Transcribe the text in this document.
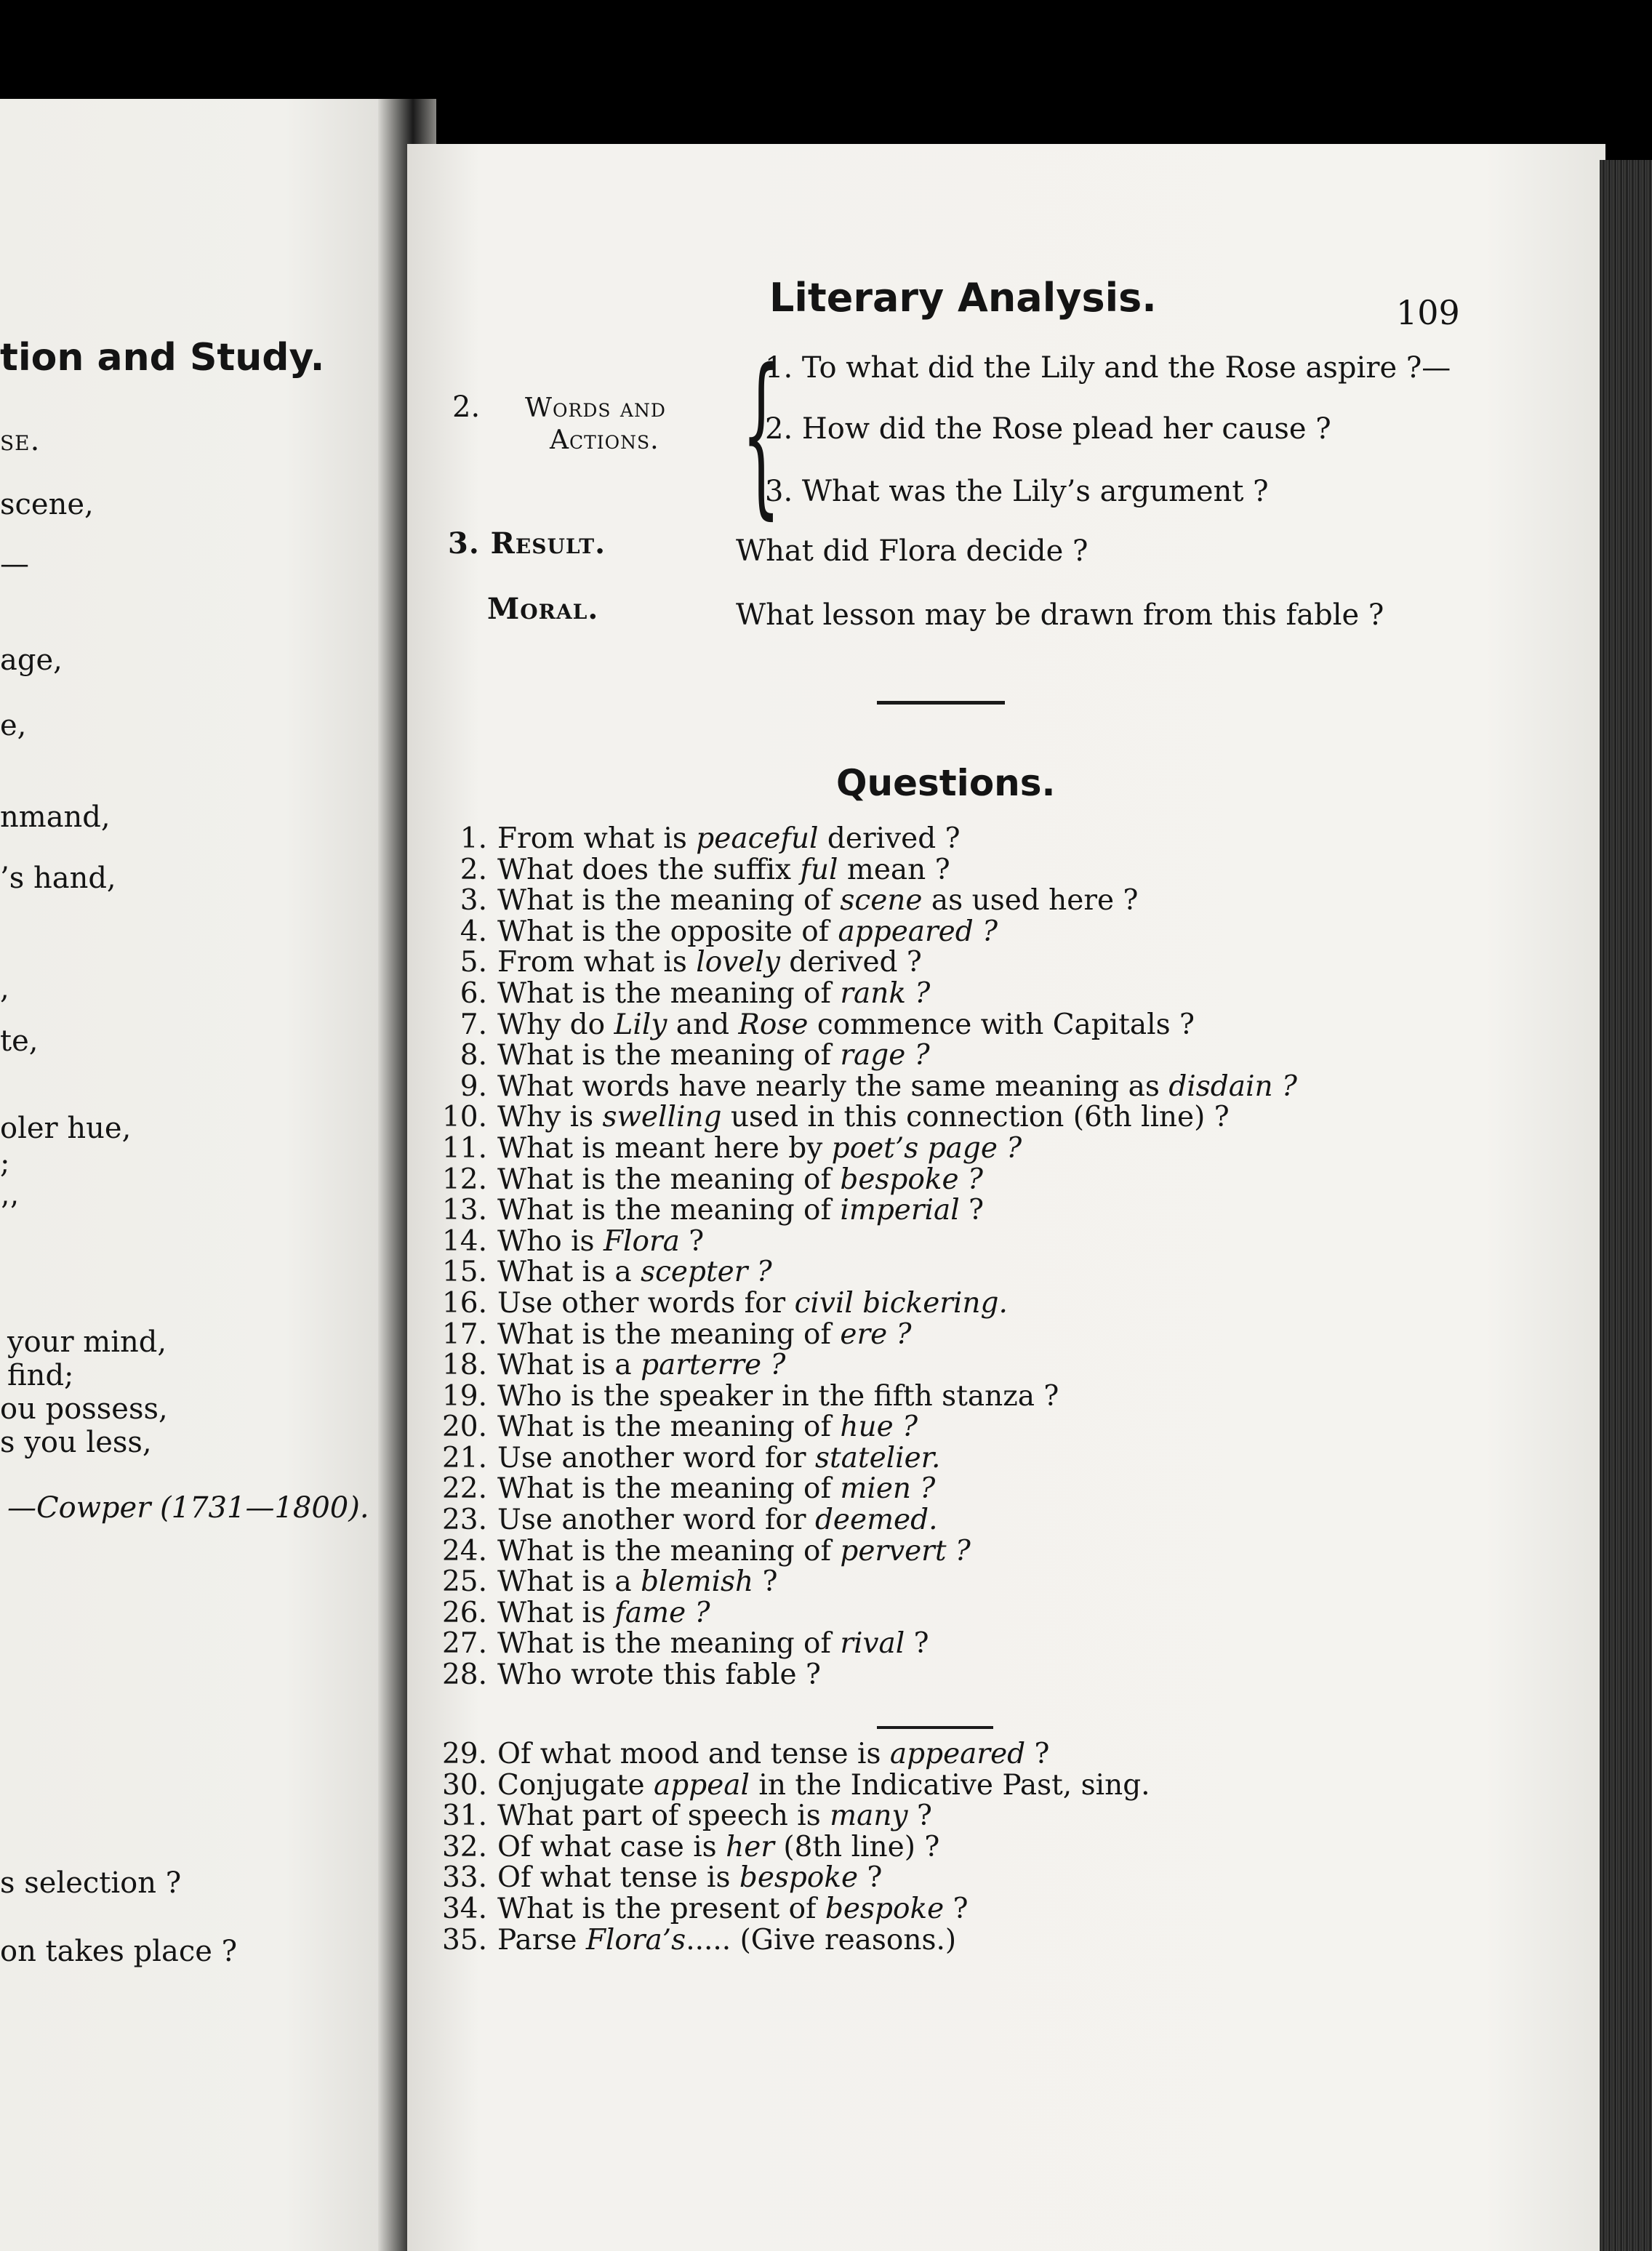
tion and Study.
se.
scene,
—
age,
e,
nmand,
’s hand,
,
te,
oler hue,
;
’’
your mind,
find;
ou possess,
s you less,
—Cowper (1731—1800).
s selection ?
on takes place ?
Literary Analysis.	109
2. Words and
Actions. {
1. To what did the Lily and the Rose aspire ?—
2. How did the Rose plead her cause ?
3. What was the Lily’s argument ?
3. Result.	What did Flora decide ?
Moral.	What lesson may be drawn from this fable ?
Questions.
1. From what is peaceful derived ?
2. What does the suffix ful mean ?
3. What is the meaning of scene as used here ?
4. What is the opposite of appeared ?
5. From what is lovely derived ?
6. What is the meaning of rank ?
7. Why do Lily and Rose commence with Capitals ?
8. What is the meaning of rage ?
9. What words have nearly the same meaning as disdain ?
10. Why is swelling used in this connection (6th line) ?
11. What is meant here by poet’s page ?
12. What is the meaning of bespoke ?
13. What is the meaning of imperial ?
14. Who is Flora ?
15. What is a scepter ?
16. Use other words for civil bickering.
17. What is the meaning of ere ?
18. What is a parterre ?
19. Who is the speaker in the fifth stanza ?
20. What is the meaning of hue ?
21. Use another word for statelier.
22. What is the meaning of mien ?
23. Use another word for deemed.
24. What is the meaning of pervert ?
25. What is a blemish ?
26. What is fame ?
27. What is the meaning of rival ?
28. Who wrote this fable ?
29. Of what mood and tense is appeared ?
30. Conjugate appeal in the Indicative Past, sing.
31. What part of speech is many ?
32. Of what case is her (8th line) ?
33. Of what tense is bespoke ?
34. What is the present of bespoke ?
35. Parse Flora’s..... (Give reasons.)
